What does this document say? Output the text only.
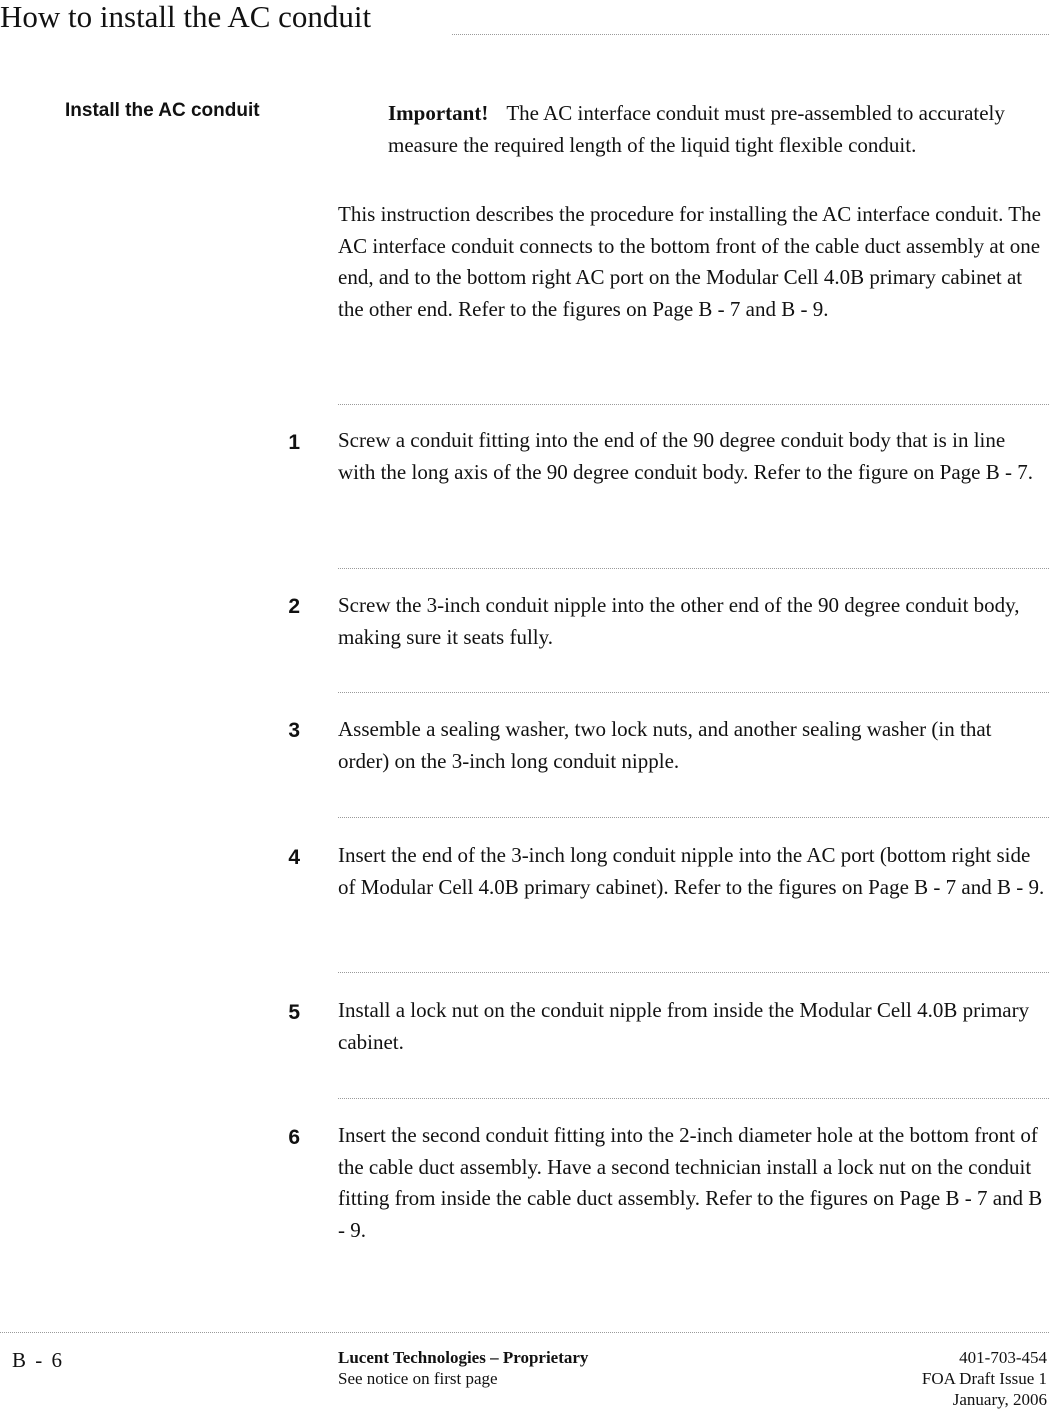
How to install the AC conduit
Install the AC conduit	Important! The AC interface conduit must pre-assembled to accurately measure the required length of the liquid tight flexible conduit.
This instruction describes the procedure for installing the AC interface conduit. The AC interface conduit connects to the bottom front of the cable duct assembly at one end, and to the bottom right AC port on the Modular Cell 4.0B primary cabinet at the other end. Refer to the figures on Page B - 7 and B - 9.
1 Screw a conduit fitting into the end of the 90 degree conduit body that is in line with the long axis of the 90 degree conduit body. Refer to the figure on Page B - 7.
2 Screw the 3-inch conduit nipple into the other end of the 90 degree conduit body, making sure it seats fully.
3 Assemble a sealing washer, two lock nuts, and another sealing washer (in that order) on the 3-inch long conduit nipple.
4 Insert the end of the 3-inch long conduit nipple into the AC port (bottom right side of Modular Cell 4.0B primary cabinet). Refer to the figures on Page B - 7 and B - 9.
5 Install a lock nut on the conduit nipple from inside the Modular Cell 4.0B primary cabinet.
6 Insert the second conduit fitting into the 2-inch diameter hole at the bottom front of the cable duct assembly. Have a second technician install a lock nut on the conduit fitting from inside the cable duct assembly. Refer to the figures on Page B - 7 and B - 9.
B - 6	Lucent Technologies – Proprietary
See notice on first page
401-703-454
FOA Draft Issue 1
January, 2006
